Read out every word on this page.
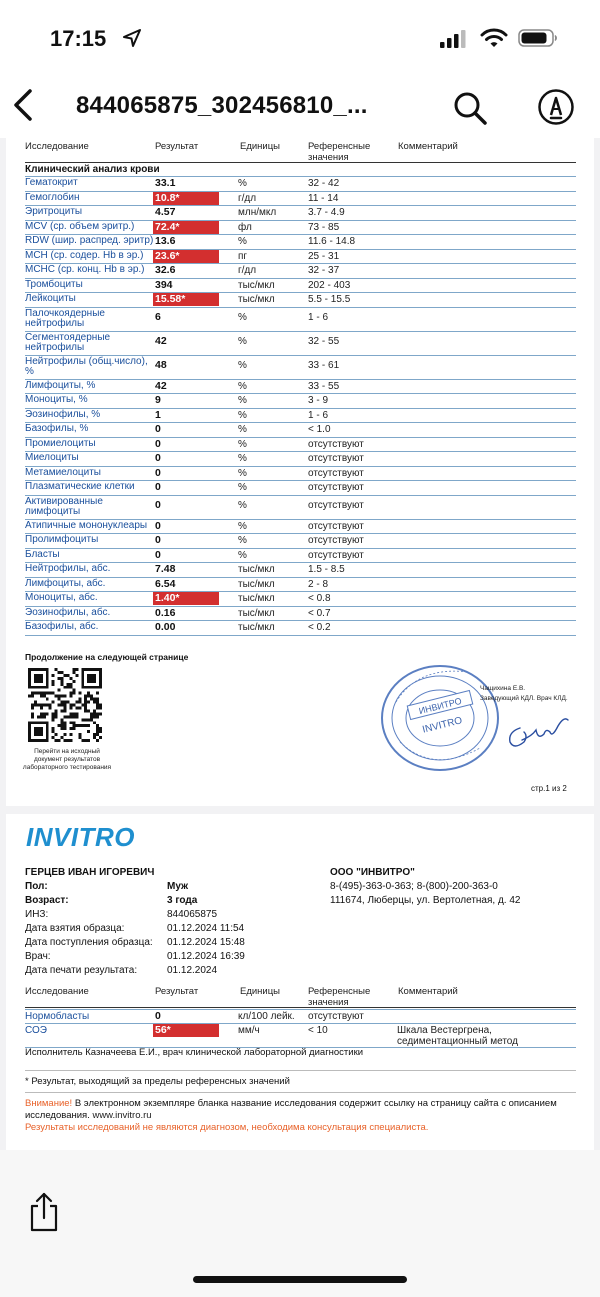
17:15
844065875_302456810_...
Исследование	Результат	Единицы	Референсные
значения
Комментарий
Клинический анализ крови
Гематокрит	33.1	%	32 - 42
Гемоглобин	10.8*	г/дл	11 - 14
Эритроциты	4.57	млн/мкл	3.7 - 4.9
MCV (ср. объем эритр.)	72.4*	фл	73 - 85
RDW (шир. распред. эритр) 13.6	%	11.6 - 14.8
MCH (ср. содер. Hb в эр.)	23.6*	пг	25 - 31
MCHC (ср. конц. Hb в эр.) 32.6	г/дл	32 - 37
Тромбоциты	394	тыс/мкл	202 - 403
Лейкоциты	15.58*	тыс/мкл	5.5 - 15.5
Палочкоядерные нейтрофилы
6	%	1 - 6
Сегментоядерные нейтрофилы
42	%	32 - 55
Нейтрофилы (общ.число), %
48	%	33 - 61
Лимфоциты, %	42	%	33 - 55
Моноциты, %	9	%	3 - 9
Эозинофилы, %	1	%	1 - 6
Базофилы, %	0	%	< 1.0
Промиелоциты	0	%	отсутствуют
Миелоциты	0	%	отсутствуют
Метамиелоциты	0	%	отсутствуют
Плазматические клетки	0	%	отсутствуют
Активированные лимфоциты
0	%	отсутствуют
Атипичные мононуклеары 0	%	отсутствуют
Пролимфоциты	0	%	отсутствуют
Бласты	0	%	отсутствуют
Нейтрофилы, абс.	7.48	тыс/мкл	1.5 - 8.5
Лимфоциты, абс.	6.54	тыс/мкл	2 - 8
Моноциты, абс.	1.40*	тыс/мкл	< 0.8
Эозинофилы, абс.	0.16	тыс/мкл	< 0.7
Базофилы, абс.	0.00	тыс/мкл	< 0.2
Продолжение на следующей странице
Перейти на исходный документ результатов лабораторного тестирования
ИНВИТРО
INVITRO
Чащихина Е.В.
Заведующий КДЛ. Врач КЛД.
стр.1 из 2
INVITRO
ГЕРЦЕВ ИВАН ИГОРЕВИЧ
Пол:	Муж
Возраст:	3 года
ИНЗ:	844065875
Дата взятия образца:	01.12.2024 11:54
Дата поступления образца: 01.12.2024 15:48
Врач:	01.12.2024 16:39
Дата печати результата:	01.12.2024
ООО "ИНВИТРО"
8-(495)-363-0-363; 8-(800)-200-363-0
111674, Люберцы, ул. Вертолетная, д. 42
Исследование	Результат	Единицы	Референсные
значения
Комментарий
Нормобласты	0	кл/100 лейк. отсутствуют
СОЭ	56*	мм/ч	< 10	Шкала Вестергрена, седиментационный метод
Исполнитель Казначеева Е.И., врач клинической лабораторной диагностики
* Результат, выходящий за пределы референсных значений
Внимание! В электронном экземпляре бланка название исследования содержит ссылку на страницу сайта с описанием исследования. www.invitro.ru
Результаты исследований не являются диагнозом, необходима консультация специалиста.
